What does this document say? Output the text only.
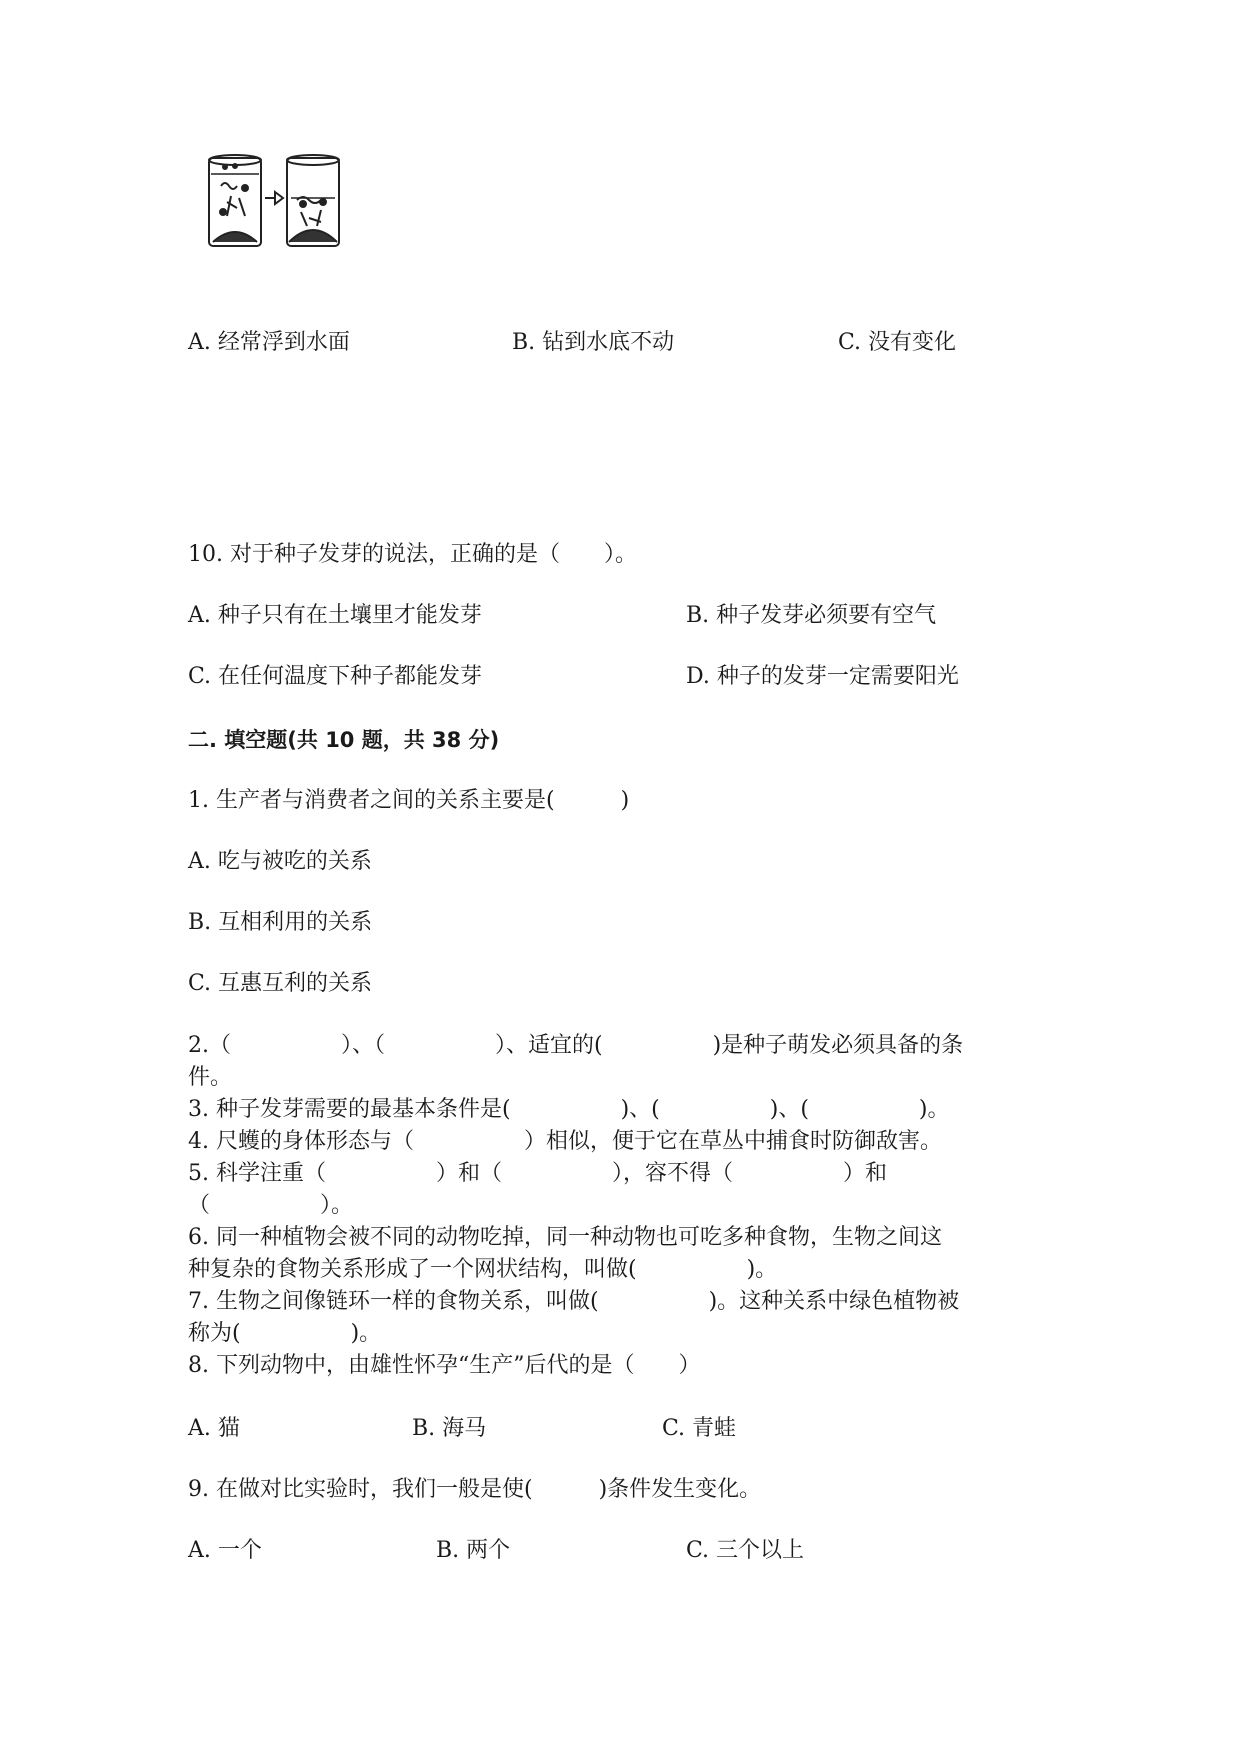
A. 经常浮到水面	B. 钻到水底不动	C. 没有变化
10. 对于种子发芽的说法，正确的是（　　）。
A. 种子只有在土壤里才能发芽	B. 种子发芽必须要有空气
C. 在任何温度下种子都能发芽	D. 种子的发芽一定需要阳光
二. 填空题(共 10 题，共 38 分)
1. 生产者与消费者之间的关系主要是(　　　)
A. 吃与被吃的关系
B. 互相利用的关系
C. 互惠互利的关系
2.（　　　　　）、（　　　　　）、适宜的(　　　　　)是种子萌发必须具备的条
件。
3. 种子发芽需要的最基本条件是(　　　　　)、(　　　　　)、(　　　　　)。
4. 尺蠖的身体形态与（　　　　　）相似，便于它在草丛中捕食时防御敌害。
5. 科学注重（　　　　　）和（　　　　　），容不得（　　　　　）和
（　　　　　）。
6. 同一种植物会被不同的动物吃掉，同一种动物也可吃多种食物，生物之间这
种复杂的食物关系形成了一个网状结构，叫做(　　　　　)。
7. 生物之间像链环一样的食物关系，叫做(　　　　　)。这种关系中绿色植物被
称为(　　　　　)。
8. 下列动物中，由雄性怀孕“生产”后代的是（　　）
A. 猫	B. 海马	C. 青蛙
9. 在做对比实验时，我们一般是使(　　　)条件发生变化。
A. 一个	B. 两个	C. 三个以上
